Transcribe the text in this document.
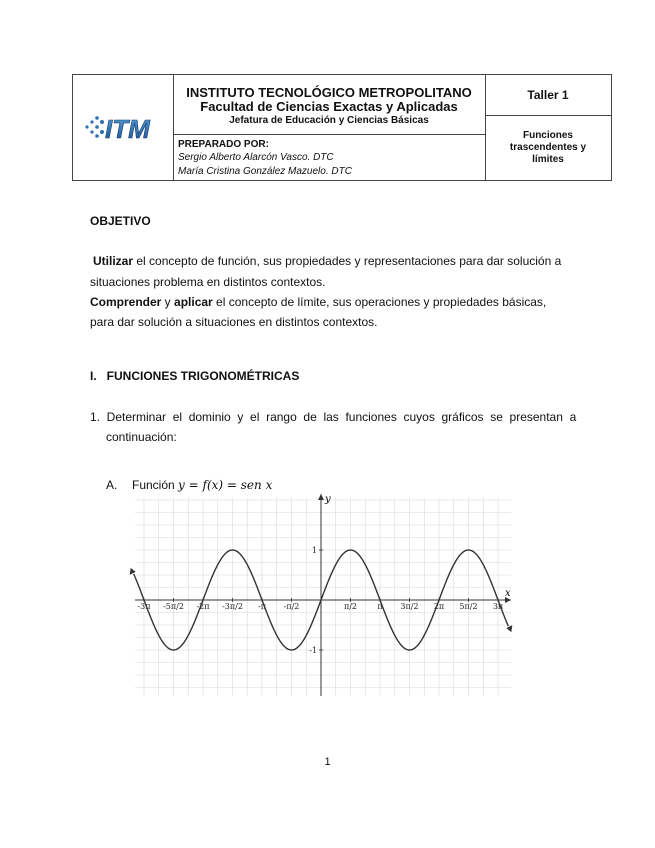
ITM
INSTITUTO TECNOLÓGICO METROPOLITANO
Facultad de Ciencias Exactas y Aplicadas
Jefatura de Educación y Ciencias Básicas
PREPARADO POR:
Sergio Alberto Alarcón Vasco. DTC
María Cristina González Mazuelo. DTC
Taller 1
Funciones
trascendentes y
límites
OBJETIVO
Utilizar el concepto de función, sus propiedades y representaciones para dar solución a
situaciones problema en distintos contextos.
Comprender y aplicar el concepto de límite, sus operaciones y propiedades básicas,
para dar solución a situaciones en distintos contextos.
I.   FUNCIONES TRIGONOMÉTRICAS
1.  Determinar  el  dominio  y  el  rango  de  las  funciones  cuyos  gráficos  se  presentan  a
continuación:
A. Función y = f(x) = sen x
x
y
-3π -5π/2 -2π -3π/2 -π -π/2	π/2	π 3π/2 2π 5π/2 3π
1
-1
1
